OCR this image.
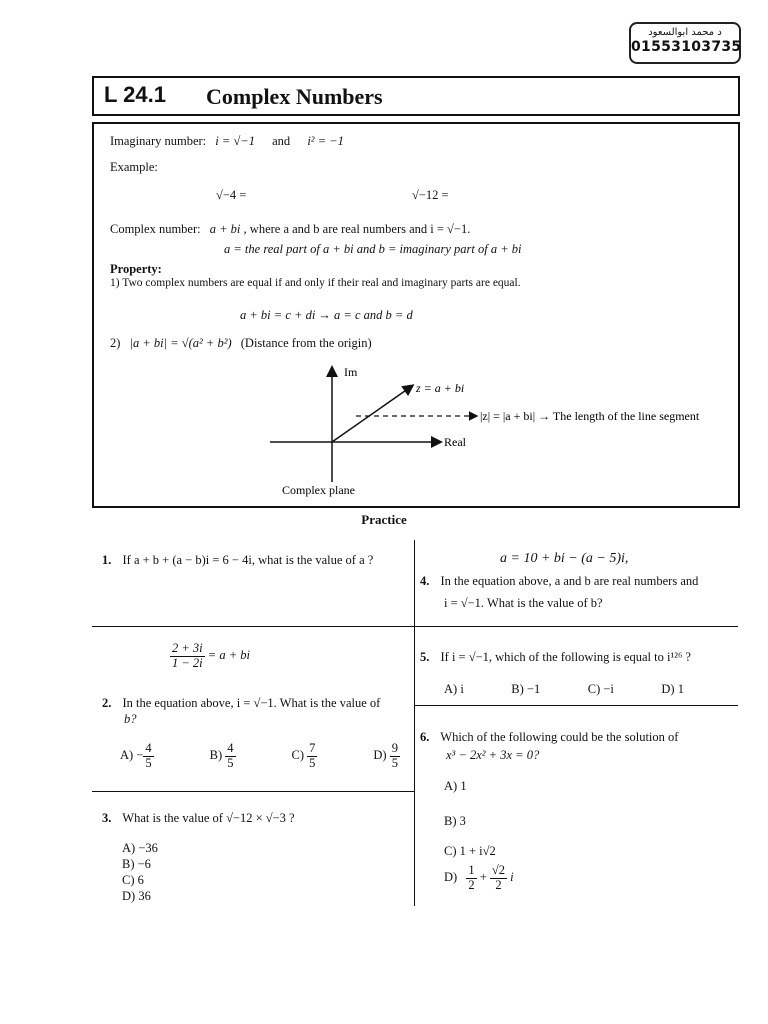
د محمد ابوالسعود
01553103735
L 24.1 Complex Numbers
Imaginary number: i = √−1 and i² = −1
Example:
√−4 =	√−12 =
Complex number: a + bi , where a and b are real numbers and i = √−1.
a = the real part of a + bi and b = imaginary part of a + bi
Property:
1) Two complex numbers are equal if and only if their real and imaginary parts are equal.
a + bi = c + di → a = c and b = d
2) |a + bi| = √(a² + b²) (Distance from the origin)
Im
Real
z = a + bi
|z| = |a + bi| → The length of the line segment
Complex plane
Practice
1. If a + b + (a − b)i = 6 − 4i, what is the value of a ?
$\frac{2 + 3i}{1 - 2i} = a$ + bi
2. In the equation above, i = √−1. What is the value of
b?
$A) - \frac{4}{5}$	$B) \frac{4}{5}$	$C) \frac{7}{5}$	$D) \frac{9}{5}$
3. What is the value of √−12 × √−3 ?
A) −36
B) −6
C) 6
D) 36
a = 10 + bi − (a − 5)i,
4. In the equation above, a and b are real numbers and
i = √−1. What is the value of b?
5. If i = √−1, which of the following is equal to i¹²⁶ ?
A) i	B) −1	C) −i	D) 1
6. Which of the following could be the solution of
x³ − 2x² + 3x = 0?
A) 1
B) 3
C) 1 + i√2
$D) \frac{1}{2} + \frac{√2}{2}$ i
